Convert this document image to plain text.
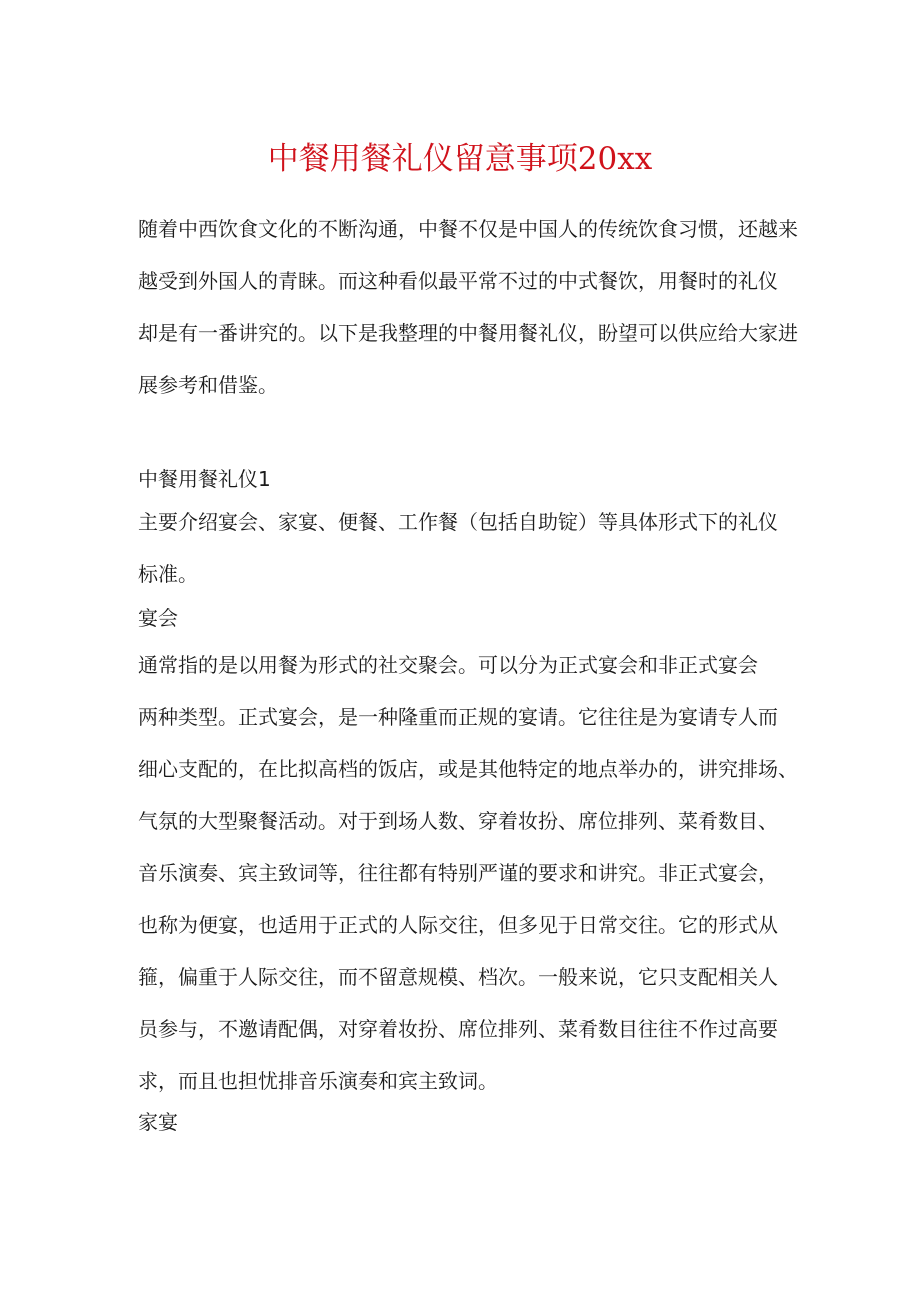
中餐用餐礼仪留意事项20xx

随着中西饮食文化的不断沟通，中餐不仅是中国人的传统饮食习惯，还越来
越受到外国人的青睐。而这种看似最平常不过的中式餐饮，用餐时的礼仪
却是有一番讲究的。以下是我整理的中餐用餐礼仪，盼望可以供应给大家进
展参考和借鉴。

中餐用餐礼仪1

主要介绍宴会、家宴、便餐、工作餐（包括自助锭）等具体形式下的礼仪
标准。

宴会

通常指的是以用餐为形式的社交聚会。可以分为正式宴会和非正式宴会
两种类型。正式宴会，是一种隆重而正规的宴请。它往往是为宴请专人而
细心支配的，在比拟高档的饭店，或是其他特定的地点举办的，讲究排场、
气氛的大型聚餐活动。对于到场人数、穿着妆扮、席位排列、菜肴数目、
音乐演奏、宾主致词等，往往都有特别严谨的要求和讲究。非正式宴会，
也称为便宴，也适用于正式的人际交往，但多见于日常交往。它的形式从
箍，偏重于人际交往，而不留意规模、档次。一般来说，它只支配相关人
员参与，不邀请配偶，对穿着妆扮、席位排列、菜肴数目往往不作过高要
求，而且也担忧排音乐演奏和宾主致词。

家宴
